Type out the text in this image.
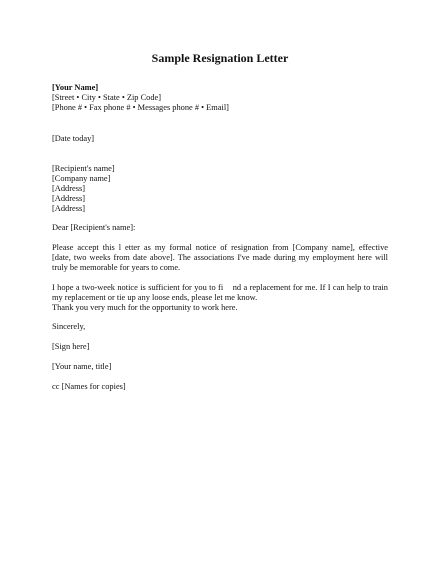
Sample Resignation Letter
[Your Name]
[Street • City • State • Zip Code]
[Phone # • Fax phone # • Messages phone # • Email]
[Date today]
[Recipient's name]
[Company name]
[Address]
[Address]
[Address]
Dear [Recipient's name]:
Please accept this l etter as my formal notice of resignation from [Company name], effective
[date, two weeks from date above]. The associations I've made during my employment here will
truly be memorable for years to come.
I hope a two-week notice is sufficient for you to fi    nd a replacement for me. If I can help to train
my replacement or tie up any loose ends, please let me know.
Thank you very much for the opportunity to work here.
Sincerely,
[Sign here]
[Your name, title]
cc [Names for copies]
